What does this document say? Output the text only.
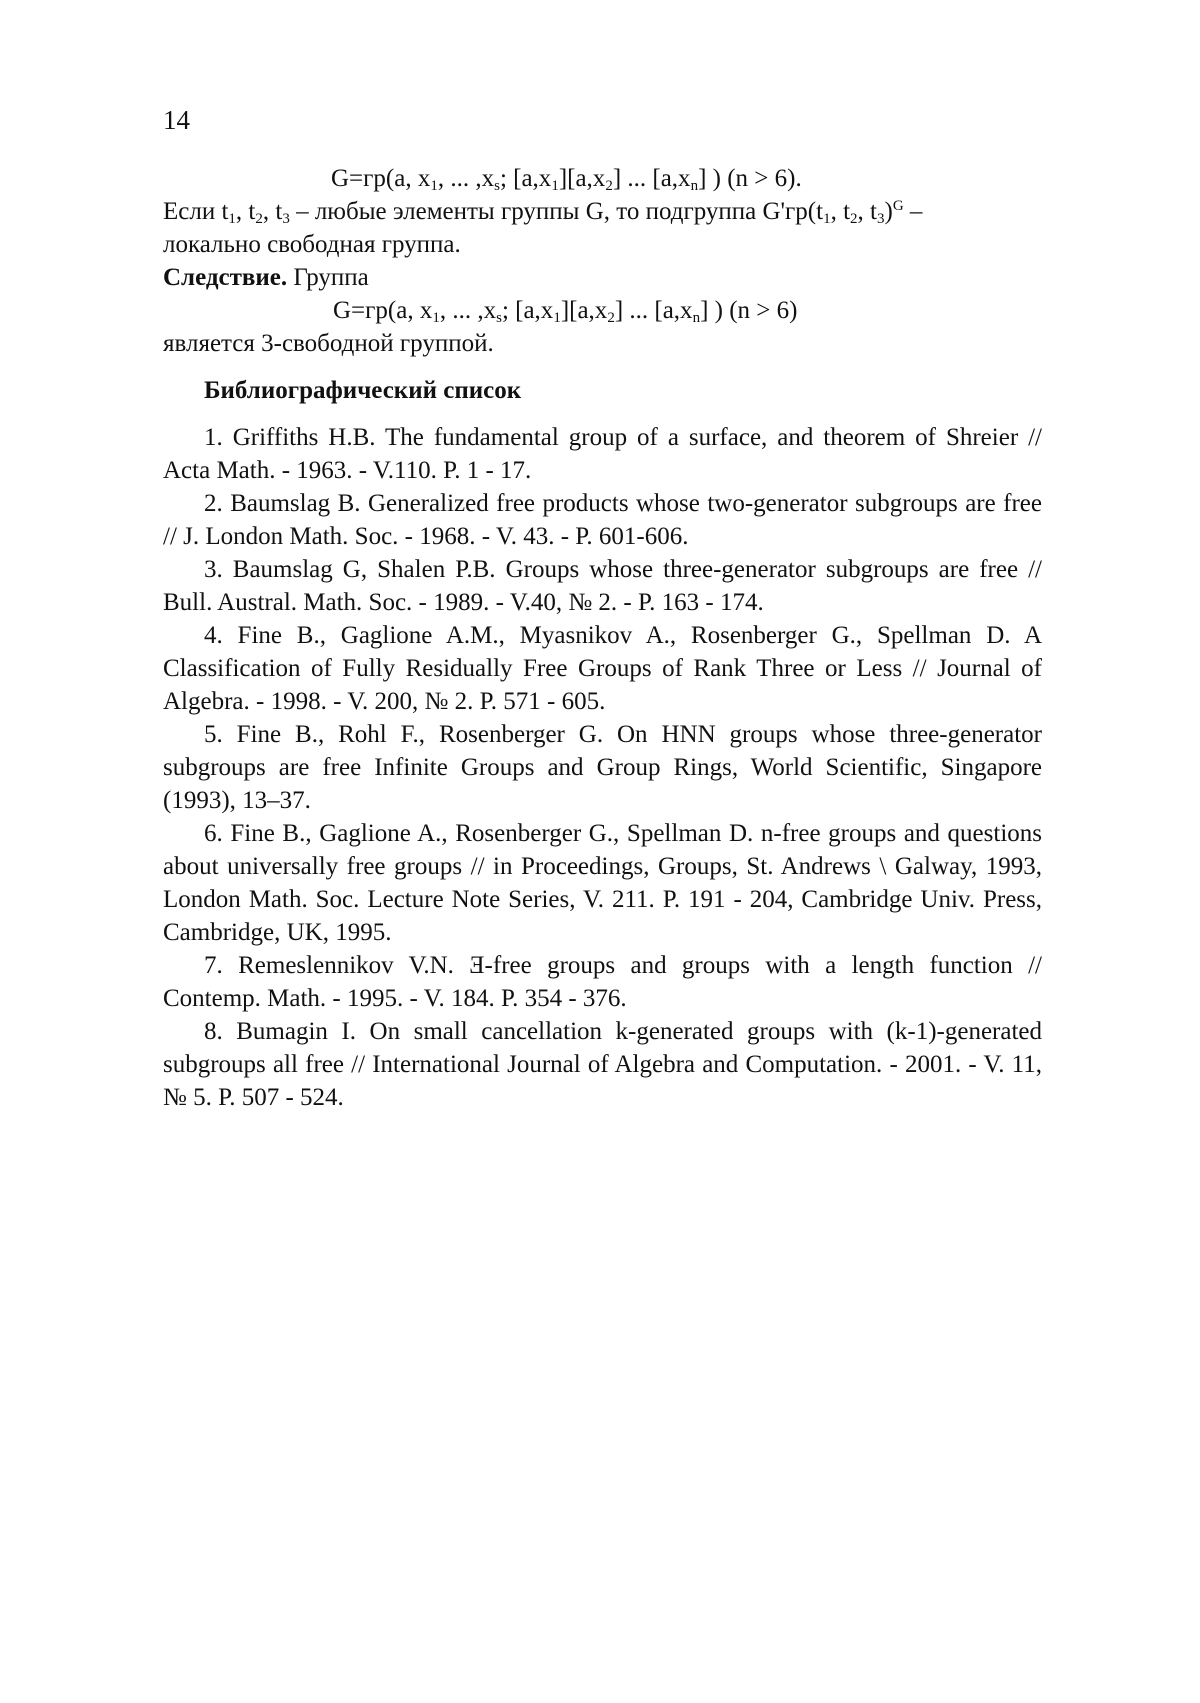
14
G=гр(a, $x_1$, ... $,x_s$; $[a,x_1][a,x_2]$ ... $[a,x_n]$ ) (n > 6).
Если $t_1$, $t_2$, $t_3$ – любые элементы группы G, то подгруппа $G'гр(t_1$, $t_2$, $t_3)^G$ –
локально свободная группа.
Следствие. Группа
G=гр(a, $x_1$, ... $,x_s$; $[a,x_1][a,x_2]$ ... $[a,x_n]$ ) (n > 6)
является 3-свободной группой.
Библиографический список

1. Griffiths H.B. The fundamental group of a surface, and theorem of Shreier // Acta Math. - 1963. - V.110. P. 1 - 17.

2. Baumslag B. Generalized free products whose two-generator subgroups are free // J. London Math. Soc. - 1968. - V. 43. - P. 601-606.

3. Baumslag G, Shalen P.B. Groups whose three-generator subgroups are free // Bull. Austral. Math. Soc. - 1989. - V.40, № 2. - P. 163 - 174.

4. Fine B., Gaglione A.M., Myasnikov A., Rosenberger G., Spellman D. A Classification of Fully Residually Free Groups of Rank Three or Less // Journal of Algebra. - 1998. - V. 200, № 2. P. 571 - 605.

5. Fine B., Rohl F., Rosenberger G. On HNN groups whose three-generator subgroups are free Infinite Groups and Group Rings, World Scientific, Singapore (1993), 13–37.

6. Fine B., Gaglione A., Rosenberger G., Spellman D. n-free groups and questions about universally free groups // in Proceedings, Groups, St. Andrews \ Galway, 1993, London Math. Soc. Lecture Note Series, V. 211. P. 191 - 204, Cambridge Univ. Press, Cambridge, UK, 1995.

7. Remeslennikov V.N. Ǝ-free groups and groups with a length function // Contemp. Math. - 1995. - V. 184. P. 354 - 376.

8. Bumagin I. On small cancellation k-generated groups with (k-1)-generated subgroups all free // International Journal of Algebra and Computation. - 2001. - V. 11, № 5. P. 507 - 524.
